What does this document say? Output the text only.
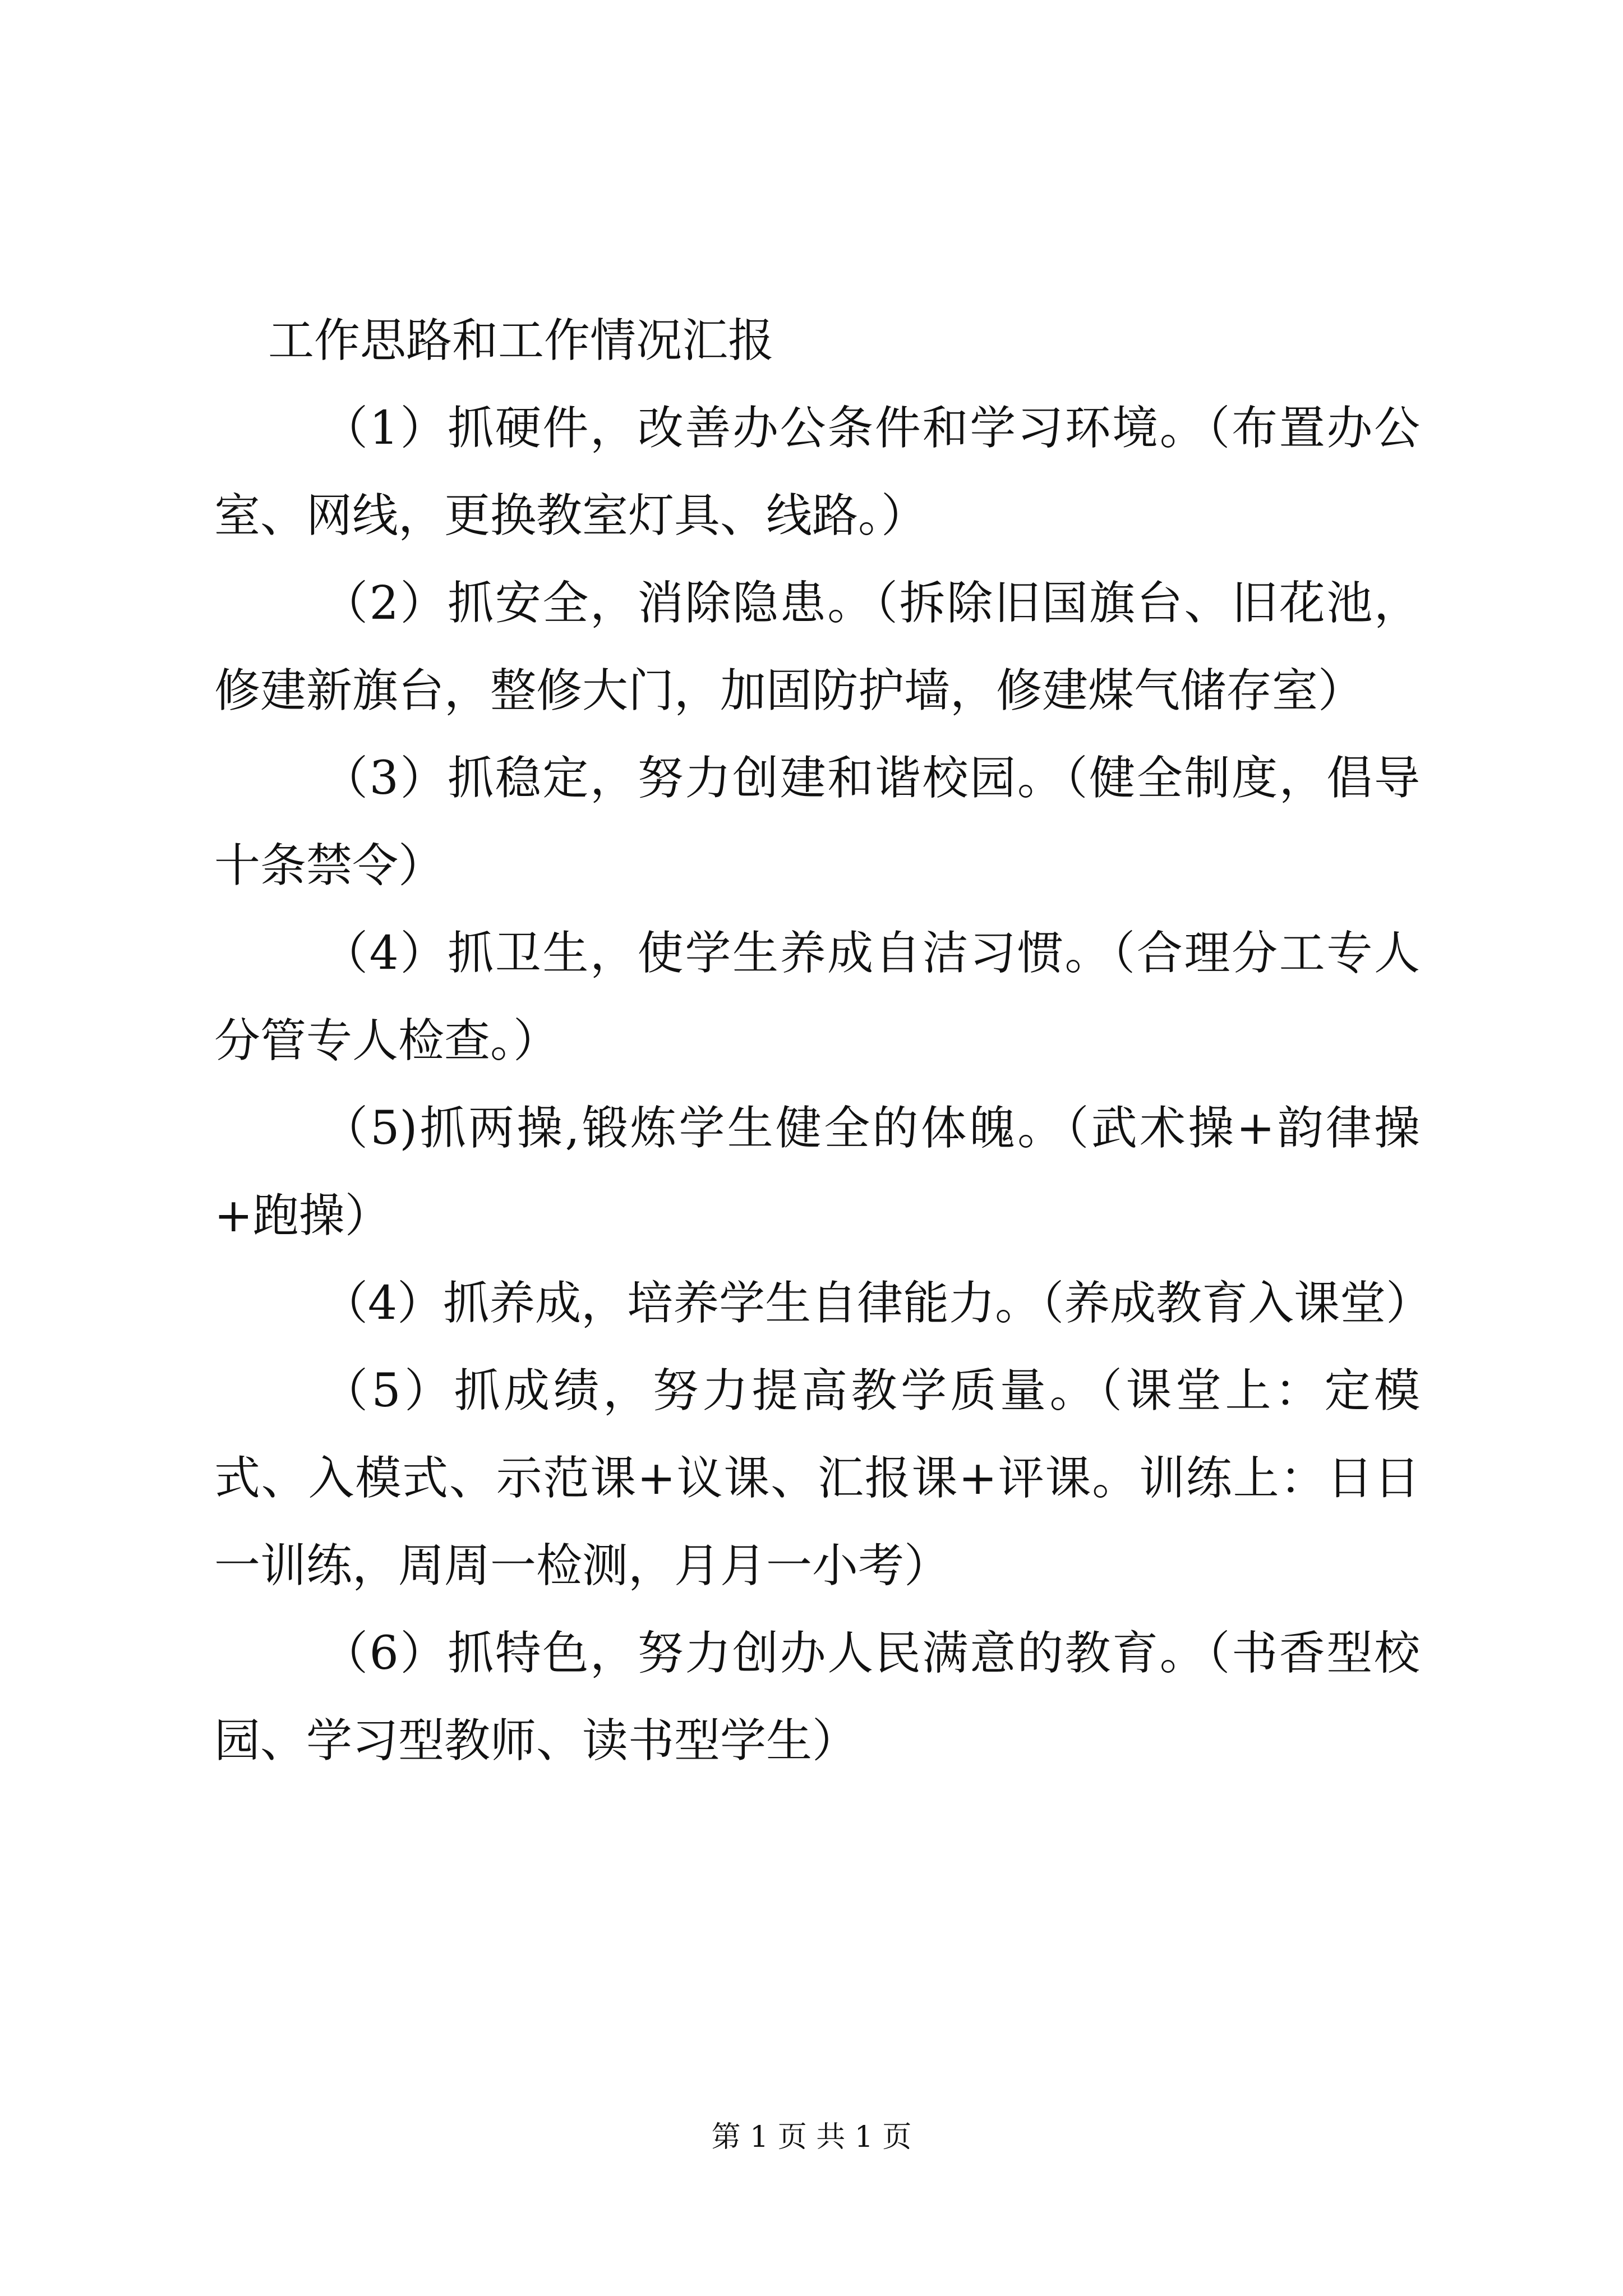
工作思路和工作情况汇报

（1）抓硬件，改善办公条件和学习环境。（布置办公室、网线，更换教室灯具、线路。）

（2）抓安全，消除隐患。（拆除旧国旗台、旧花池，修建新旗台，整修大门，加固防护墙，修建煤气储存室）

（3）抓稳定，努力创建和谐校园。（健全制度，倡导十条禁令）

（4）抓卫生，使学生养成自洁习惯。（合理分工专人分管专人检查。）

（5)抓两操,锻炼学生健全的体魄。（武术操+韵律操+跑操）

（4）抓养成，培养学生自律能力。（养成教育入课堂）

（5）抓成绩，努力提高教学质量。（课堂上：定模式、入模式、示范课+议课、汇报课+评课。训练上：日日一训练，周周一检测，月月一小考）

（6）抓特色，努力创办人民满意的教育。（书香型校园、学习型教师、读书型学生）

第 1 页 共 1 页
